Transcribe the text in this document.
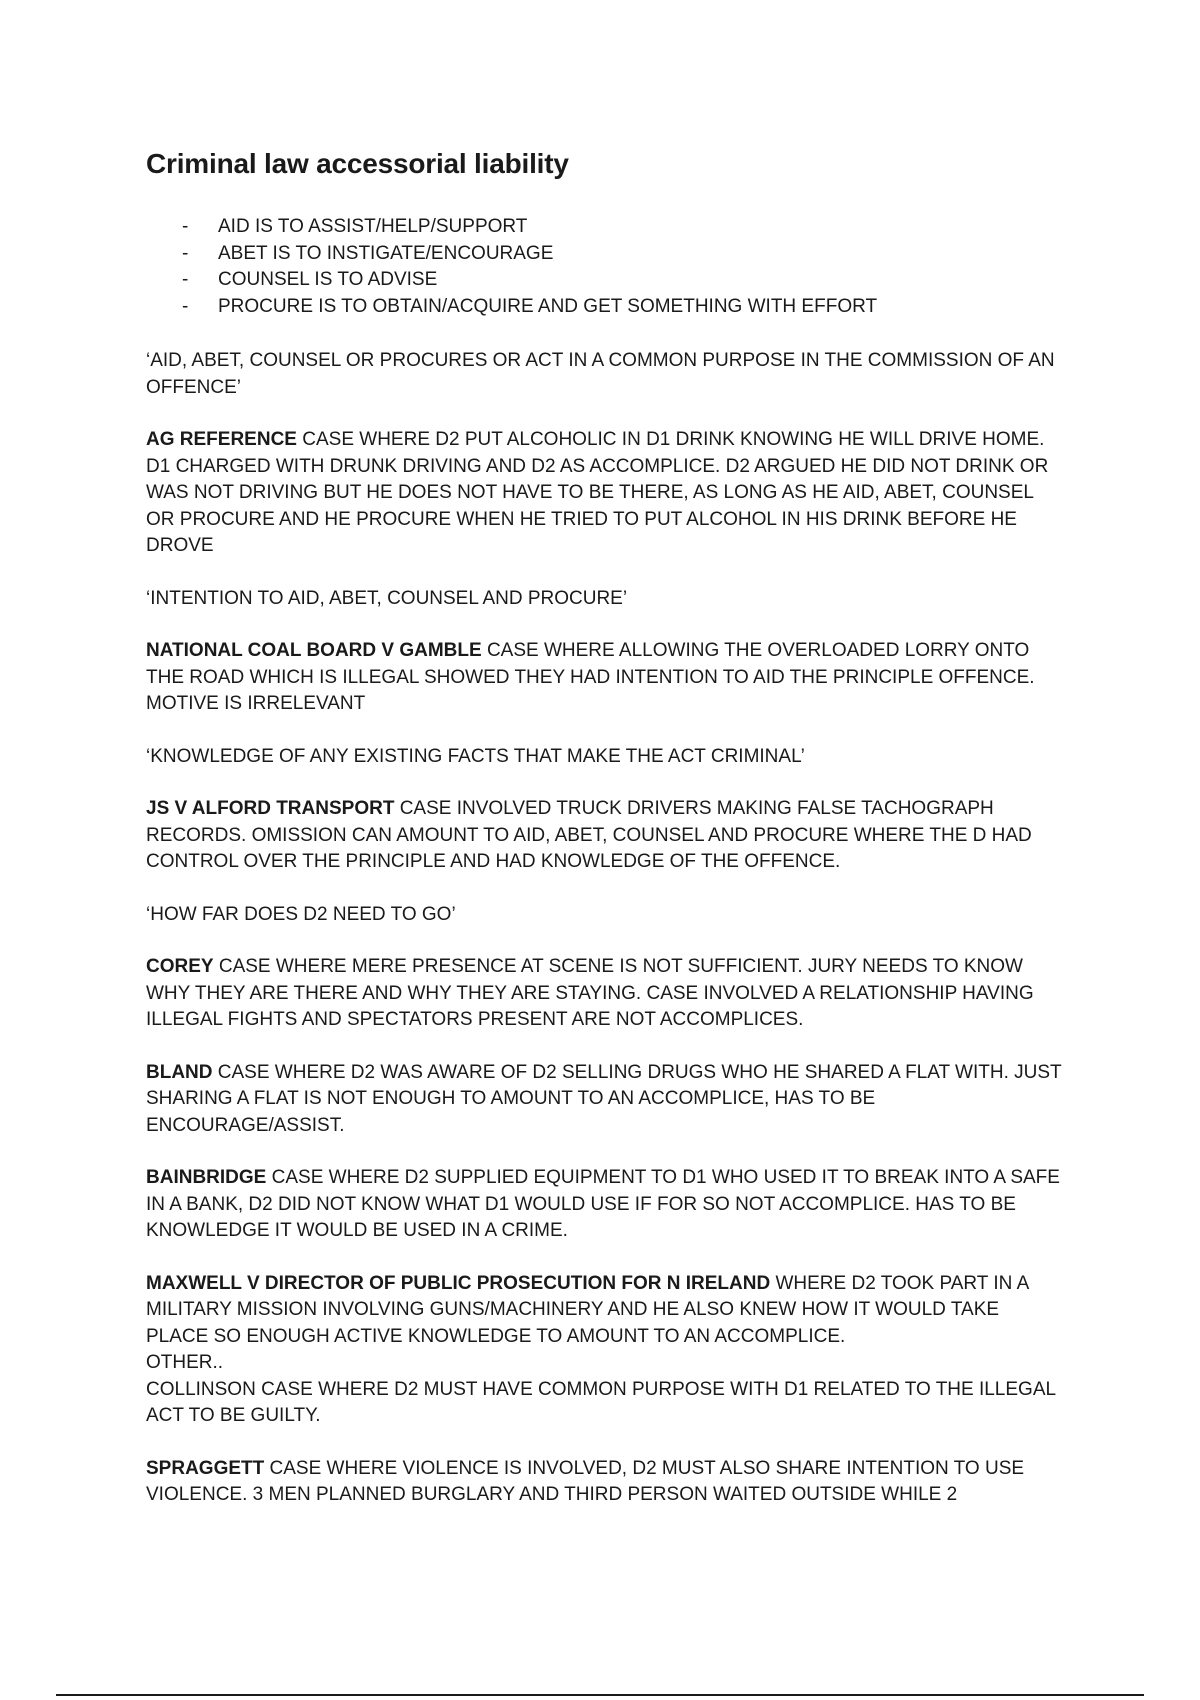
Criminal law accessorial liability
- AID IS TO ASSIST/HELP/SUPPORT
- ABET IS TO INSTIGATE/ENCOURAGE
- COUNSEL IS TO ADVISE
- PROCURE IS TO OBTAIN/ACQUIRE AND GET SOMETHING WITH EFFORT

‘AID, ABET, COUNSEL OR PROCURES OR ACT IN A COMMON PURPOSE IN THE COMMISSION OF AN OFFENCE’

AG REFERENCE CASE WHERE D2 PUT ALCOHOLIC IN D1 DRINK KNOWING HE WILL DRIVE HOME. D1 CHARGED WITH DRUNK DRIVING AND D2 AS ACCOMPLICE. D2 ARGUED HE DID NOT DRINK OR WAS NOT DRIVING BUT HE DOES NOT HAVE TO BE THERE, AS LONG AS HE AID, ABET, COUNSEL OR PROCURE AND HE PROCURE WHEN HE TRIED TO PUT ALCOHOL IN HIS DRINK BEFORE HE DROVE

‘INTENTION TO AID, ABET, COUNSEL AND PROCURE’

NATIONAL COAL BOARD V GAMBLE CASE WHERE ALLOWING THE OVERLOADED LORRY ONTO THE ROAD WHICH IS ILLEGAL SHOWED THEY HAD INTENTION TO AID THE PRINCIPLE OFFENCE. MOTIVE IS IRRELEVANT

‘KNOWLEDGE OF ANY EXISTING FACTS THAT MAKE THE ACT CRIMINAL’

JS V ALFORD TRANSPORT CASE INVOLVED TRUCK DRIVERS MAKING FALSE TACHOGRAPH RECORDS. OMISSION CAN AMOUNT TO AID, ABET, COUNSEL AND PROCURE WHERE THE D HAD CONTROL OVER THE PRINCIPLE AND HAD KNOWLEDGE OF THE OFFENCE.

‘HOW FAR DOES D2 NEED TO GO’

COREY CASE WHERE MERE PRESENCE AT SCENE IS NOT SUFFICIENT. JURY NEEDS TO KNOW WHY THEY ARE THERE AND WHY THEY ARE STAYING. CASE INVOLVED A RELATIONSHIP HAVING ILLEGAL FIGHTS AND SPECTATORS PRESENT ARE NOT ACCOMPLICES.

BLAND CASE WHERE D2 WAS AWARE OF D2 SELLING DRUGS WHO HE SHARED A FLAT WITH. JUST SHARING A FLAT IS NOT ENOUGH TO AMOUNT TO AN ACCOMPLICE, HAS TO BE ENCOURAGE/ASSIST.

BAINBRIDGE CASE WHERE D2 SUPPLIED EQUIPMENT TO D1 WHO USED IT TO BREAK INTO A SAFE IN A BANK, D2 DID NOT KNOW WHAT D1 WOULD USE IF FOR SO NOT ACCOMPLICE. HAS TO BE KNOWLEDGE IT WOULD BE USED IN A CRIME.

MAXWELL V DIRECTOR OF PUBLIC PROSECUTION FOR N IRELAND WHERE D2 TOOK PART IN A MILITARY MISSION INVOLVING GUNS/MACHINERY AND HE ALSO KNEW HOW IT WOULD TAKE PLACE SO ENOUGH ACTIVE KNOWLEDGE TO AMOUNT TO AN ACCOMPLICE.

OTHER..

COLLINSON CASE WHERE D2 MUST HAVE COMMON PURPOSE WITH D1 RELATED TO THE ILLEGAL ACT TO BE GUILTY.

SPRAGGETT CASE WHERE VIOLENCE IS INVOLVED, D2 MUST ALSO SHARE INTENTION TO USE VIOLENCE. 3 MEN PLANNED BURGLARY AND THIRD PERSON WAITED OUTSIDE WHILE 2
